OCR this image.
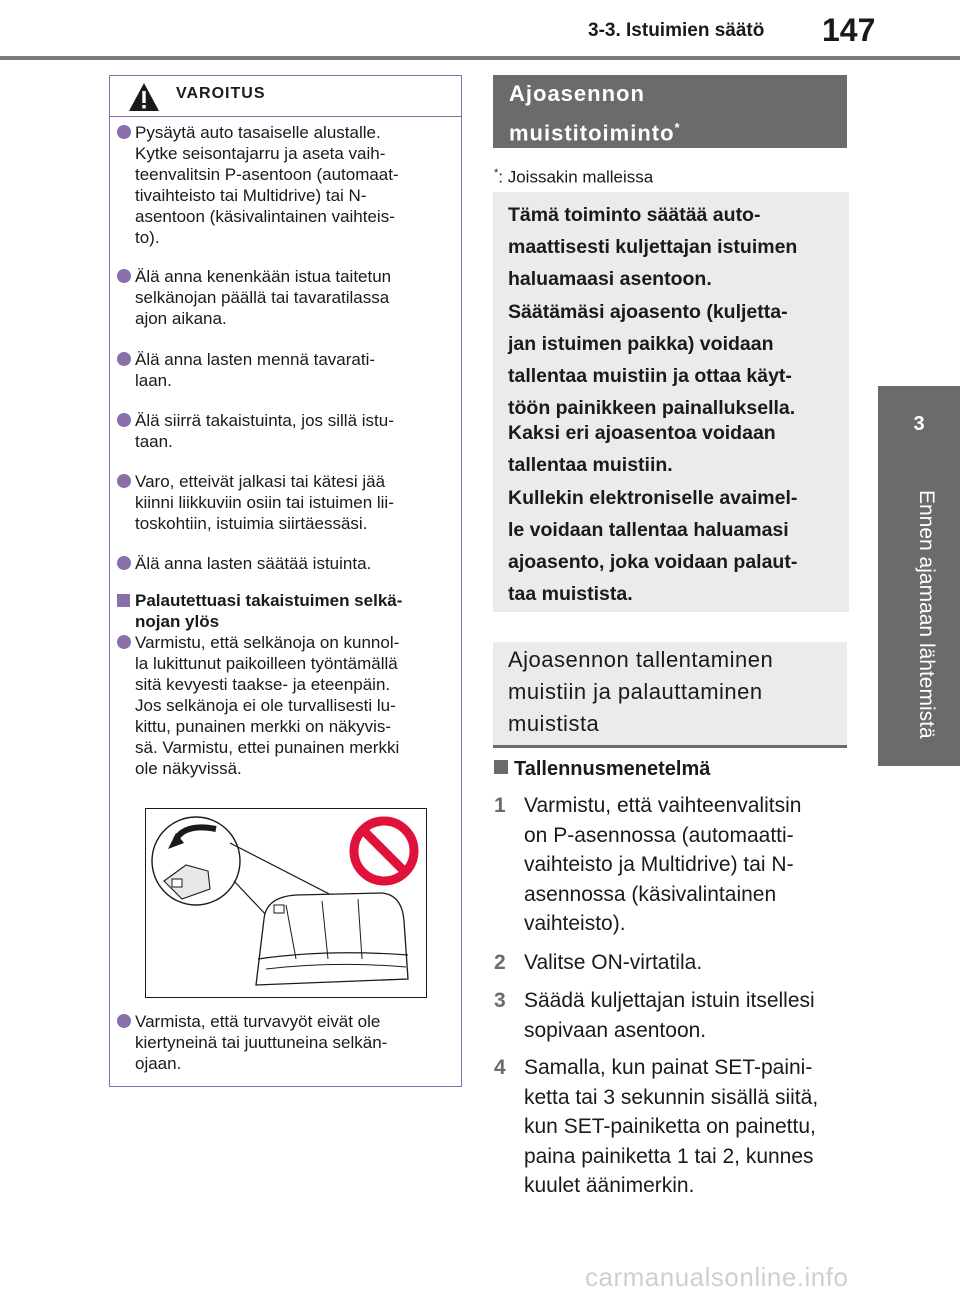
3-3. Istuimien säätö 147
3
Ennen ajamaan lähtemistä
VAROITUS
Pysäytä auto tasaiselle alustalle.
Kytke seisontajarru ja aseta vaih-
teenvalitsin P-asentoon (automaat-
tivaihteisto tai Multidrive) tai N-
asentoon (käsivalintainen vaihteis-
to).
Älä anna kenenkään istua taitetun
selkänojan päällä tai tavaratilassa
ajon aikana.
Älä anna lasten mennä tavarati-
laan.
Älä siirrä takaistuinta, jos sillä istu-
taan.
Varo, etteivät jalkasi tai kätesi jää
kiinni liikkuviin osiin tai istuimen lii-
toskohtiin, istuimia siirtäessäsi.
Älä anna lasten säätää istuinta.
Palautettuasi takaistuimen selkä-
nojan ylös
Varmistu, että selkänoja on kunnol-
la lukittunut paikoilleen työntämällä
sitä kevyesti taakse- ja eteenpäin.
Jos selkänoja ei ole turvallisesti lu-
kittu, punainen merkki on näkyvis-
sä. Varmistu, ettei punainen merkki
ole näkyvissä.
Varmista, että turvavyöt eivät ole
kiertyneinä tai juuttuneina selkän-
ojaan.
Ajoasennon
muistitoiminto*
*: Joissakin malleissa

Tämä toiminto säätää auto-
maattisesti kuljettajan istuimen
haluamaasi asentoon.

Säätämäsi ajoasento (kuljetta-
jan istuimen paikka) voidaan
tallentaa muistiin ja ottaa käyt-
töön painikkeen painalluksella.

Kaksi eri ajoasentoa voidaan
tallentaa muistiin.

Kullekin elektroniselle avaimel-
le voidaan tallentaa haluamasi
ajoasento, joka voidaan palaut-
taa muistista.

Ajoasennon tallentaminen
muistiin ja palauttaminen
muistista
Tallennusmenetelmä
1 Varmistu, että vaihteenvalitsin
on P-asennossa (automaatti-
vaihteisto ja Multidrive) tai N-
asennossa (käsivalintainen
vaihteisto).
2 Valitse ON-virtatila.
3 Säädä kuljettajan istuin itsellesi
sopivaan asentoon.
4 Samalla, kun painat SET-paini-
ketta tai 3 sekunnin sisällä siitä,
kun SET-painiketta on painettu,
paina painiketta 1 tai 2, kunnes
kuulet äänimerkin.
carmanualsonline.info
